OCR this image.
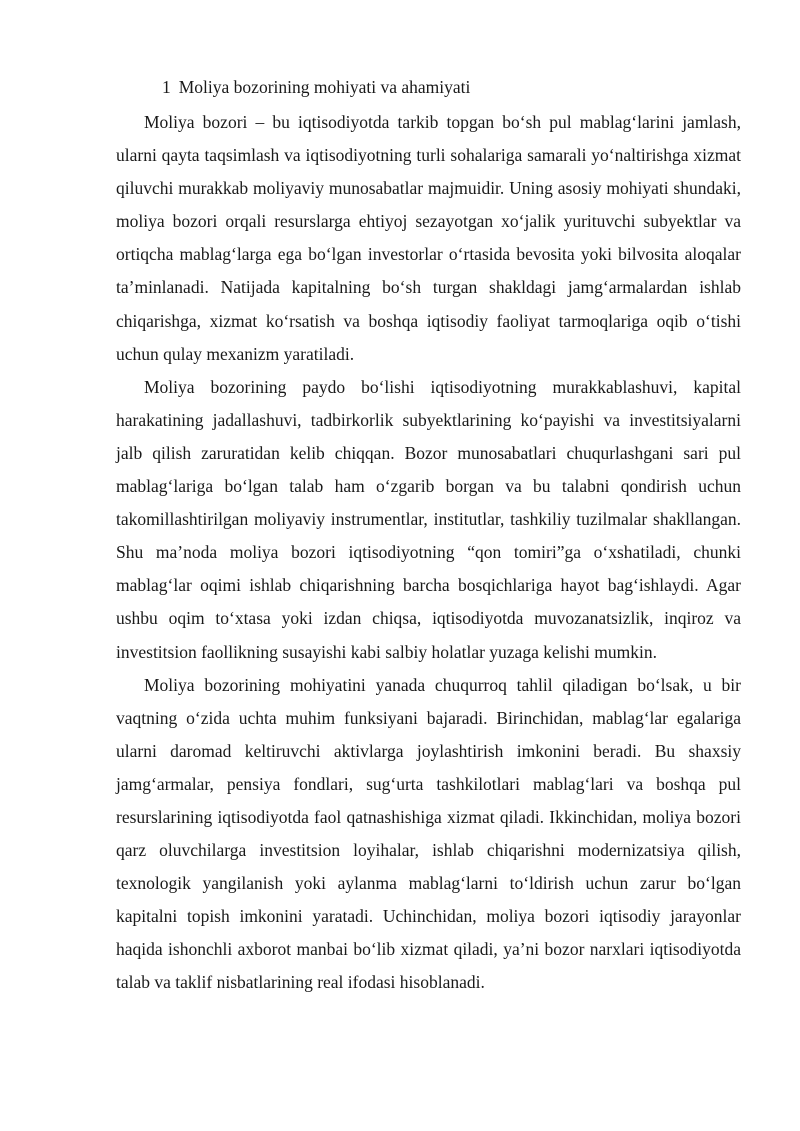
1 Moliya bozorining mohiyati va ahamiyati

Moliya bozori – bu iqtisodiyotda tarkib topgan bo‘sh pul mablag‘larini jamlash, ularni qayta taqsimlash va iqtisodiyotning turli sohalariga samarali yo‘naltirishga xizmat qiluvchi murakkab moliyaviy munosabatlar majmuidir. Uning asosiy mohiyati shundaki, moliya bozori orqali resurslarga ehtiyoj sezayotgan xo‘jalik yurituvchi subyektlar va ortiqcha mablag‘larga ega bo‘lgan investorlar o‘rtasida bevosita yoki bilvosita aloqalar ta’minlanadi. Natijada kapitalning bo‘sh turgan shakldagi jamg‘armalardan ishlab chiqarishga, xizmat ko‘rsatish va boshqa iqtisodiy faoliyat tarmoqlariga oqib o‘tishi uchun qulay mexanizm yaratiladi.

Moliya bozorining paydo bo‘lishi iqtisodiyotning murakkablashuvi, kapital harakatining jadallashuvi, tadbirkorlik subyektlarining ko‘payishi va investitsiyalarni jalb qilish zaruratidan kelib chiqqan. Bozor munosabatlari chuqurlashgani sari pul mablag‘lariga bo‘lgan talab ham o‘zgarib borgan va bu talabni qondirish uchun takomillashtirilgan moliyaviy instrumentlar, institutlar, tashkiliy tuzilmalar shakllangan. Shu ma’noda moliya bozori iqtisodiyotning “qon tomiri”ga o‘xshatiladi, chunki mablag‘lar oqimi ishlab chiqarishning barcha bosqichlariga hayot bag‘ishlaydi. Agar ushbu oqim to‘xtasa yoki izdan chiqsa, iqtisodiyotda muvozanatsizlik, inqiroz va investitsion faollikning susayishi kabi salbiy holatlar yuzaga kelishi mumkin.

Moliya bozorining mohiyatini yanada chuqurroq tahlil qiladigan bo‘lsak, u bir vaqtning o‘zida uchta muhim funksiyani bajaradi. Birinchidan, mablag‘lar egalariga ularni daromad keltiruvchi aktivlarga joylashtirish imkonini beradi. Bu shaxsiy jamg‘armalar, pensiya fondlari, sug‘urta tashkilotlari mablag‘lari va boshqa pul resurslarining iqtisodiyotda faol qatnashishiga xizmat qiladi. Ikkinchidan, moliya bozori qarz oluvchilarga investitsion loyihalar, ishlab chiqarishni modernizatsiya qilish, texnologik yangilanish yoki aylanma mablag‘larni to‘ldirish uchun zarur bo‘lgan kapitalni topish imkonini yaratadi. Uchinchidan, moliya bozori iqtisodiy jarayonlar haqida ishonchli axborot manbai bo‘lib xizmat qiladi, ya’ni bozor narxlari iqtisodiyotda talab va taklif nisbatlarining real ifodasi hisoblanadi.
